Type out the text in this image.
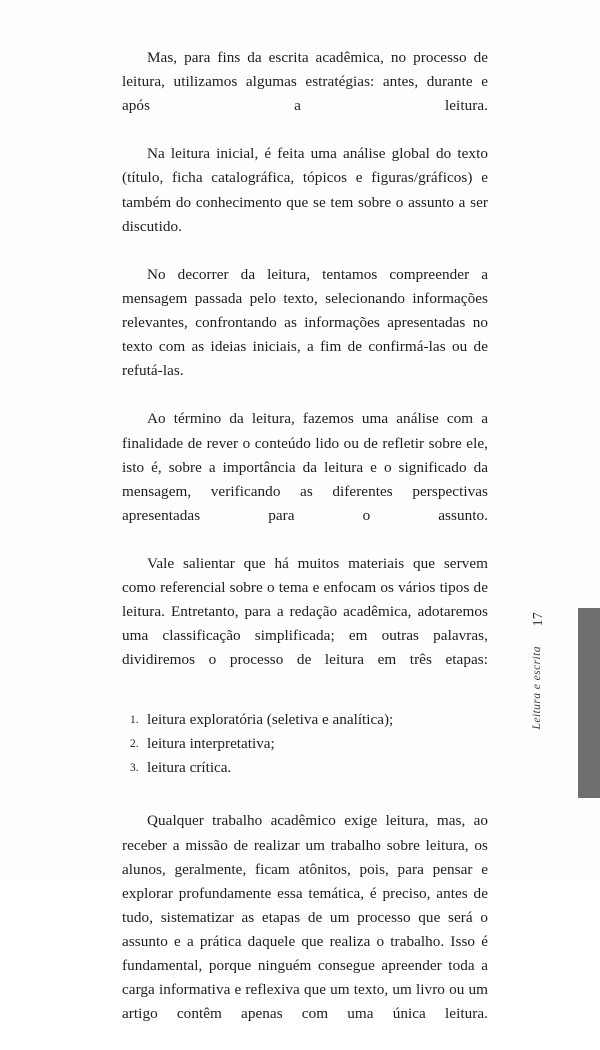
Mas, para fins da escrita acadêmica, no processo de leitura, utilizamos algumas estratégias: antes, durante e após a leitura.

Na leitura inicial, é feita uma análise global do texto (título, ficha catalográfica, tópicos e figuras/gráficos) e também do conhecimento que se tem sobre o assunto a ser discutido.

No decorrer da leitura, tentamos compreender a mensagem passada pelo texto, selecionando informações relevantes, confrontando as informações apresentadas no texto com as ideias iniciais, a fim de confirmá-las ou de refutá-las.

Ao término da leitura, fazemos uma análise com a finalidade de rever o conteúdo lido ou de refletir sobre ele, isto é, sobre a importância da leitura e o significado da mensagem, verificando as diferentes perspectivas apresentadas para o assunto.

Vale salientar que há muitos materiais que servem como referencial sobre o tema e enfocam os vários tipos de leitura. Entretanto, para a redação acadêmica, adotaremos uma classificação simplificada; em outras palavras, dividiremos o processo de leitura em três etapas:

1. leitura exploratória (seletiva e analítica);
2. leitura interpretativa;
3. leitura crítica.

Qualquer trabalho acadêmico exige leitura, mas, ao receber a missão de realizar um trabalho sobre leitura, os alunos, geralmente, ficam atônitos, pois, para pensar e explorar profundamente essa temática, é preciso, antes de tudo, sistematizar as etapas de um processo que será o assunto e a prática daquele que realiza o trabalho. Isso é fundamental, porque ninguém consegue apreender toda a carga informativa e reflexiva que um texto, um livro ou um artigo contêm apenas com uma única leitura.

17
Leitura e escrita
